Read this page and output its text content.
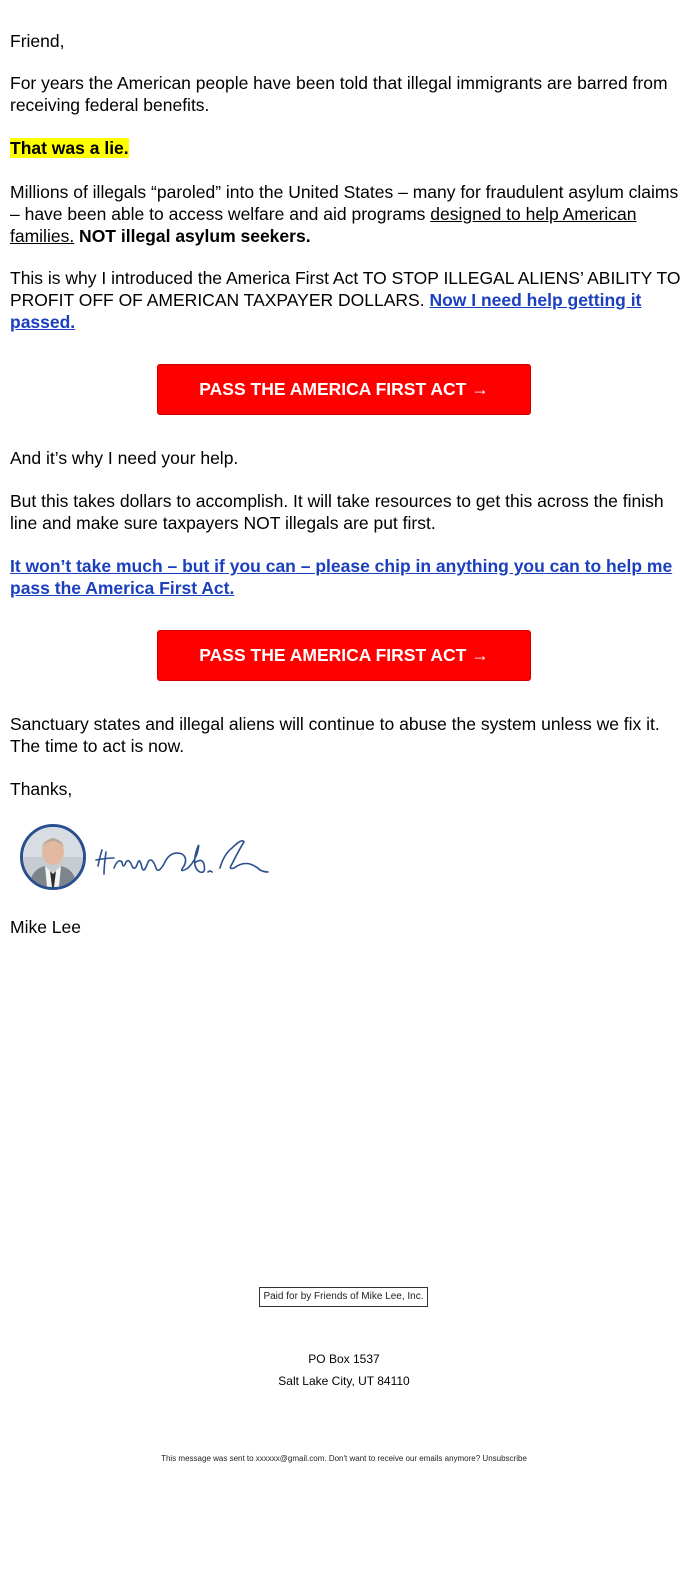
Friend,

For years the American people have been told that illegal immigrants are barred from receiving federal benefits.

That was a lie.

Millions of illegals “paroled” into the United States – many for fraudulent asylum claims – have been able to access welfare and aid programs designed to help American families. NOT illegal asylum seekers.

This is why I introduced the America First Act TO STOP ILLEGAL ALIENS’ ABILITY TO PROFIT OFF OF AMERICAN TAXPAYER DOLLARS. Now I need help getting it passed.

And it’s why I need your help.

But this takes dollars to accomplish. It will take resources to get this across the finish line and make sure taxpayers NOT illegals are put first.

It won’t take much – but if you can – please chip in anything you can to help me pass the America First Act.

Sanctuary states and illegal aliens will continue to abuse the system unless we fix it. The time to act is now.

Thanks,

Mike Lee

PASS THE AMERICA FIRST ACT →
PASS THE AMERICA FIRST ACT →
Paid for by Friends of Mike Lee, Inc.
PO Box 1537
Salt Lake City, UT 84110
This message was sent to xxxxxx@gmail.com. Don't want to receive our emails anymore? Unsubscribe
